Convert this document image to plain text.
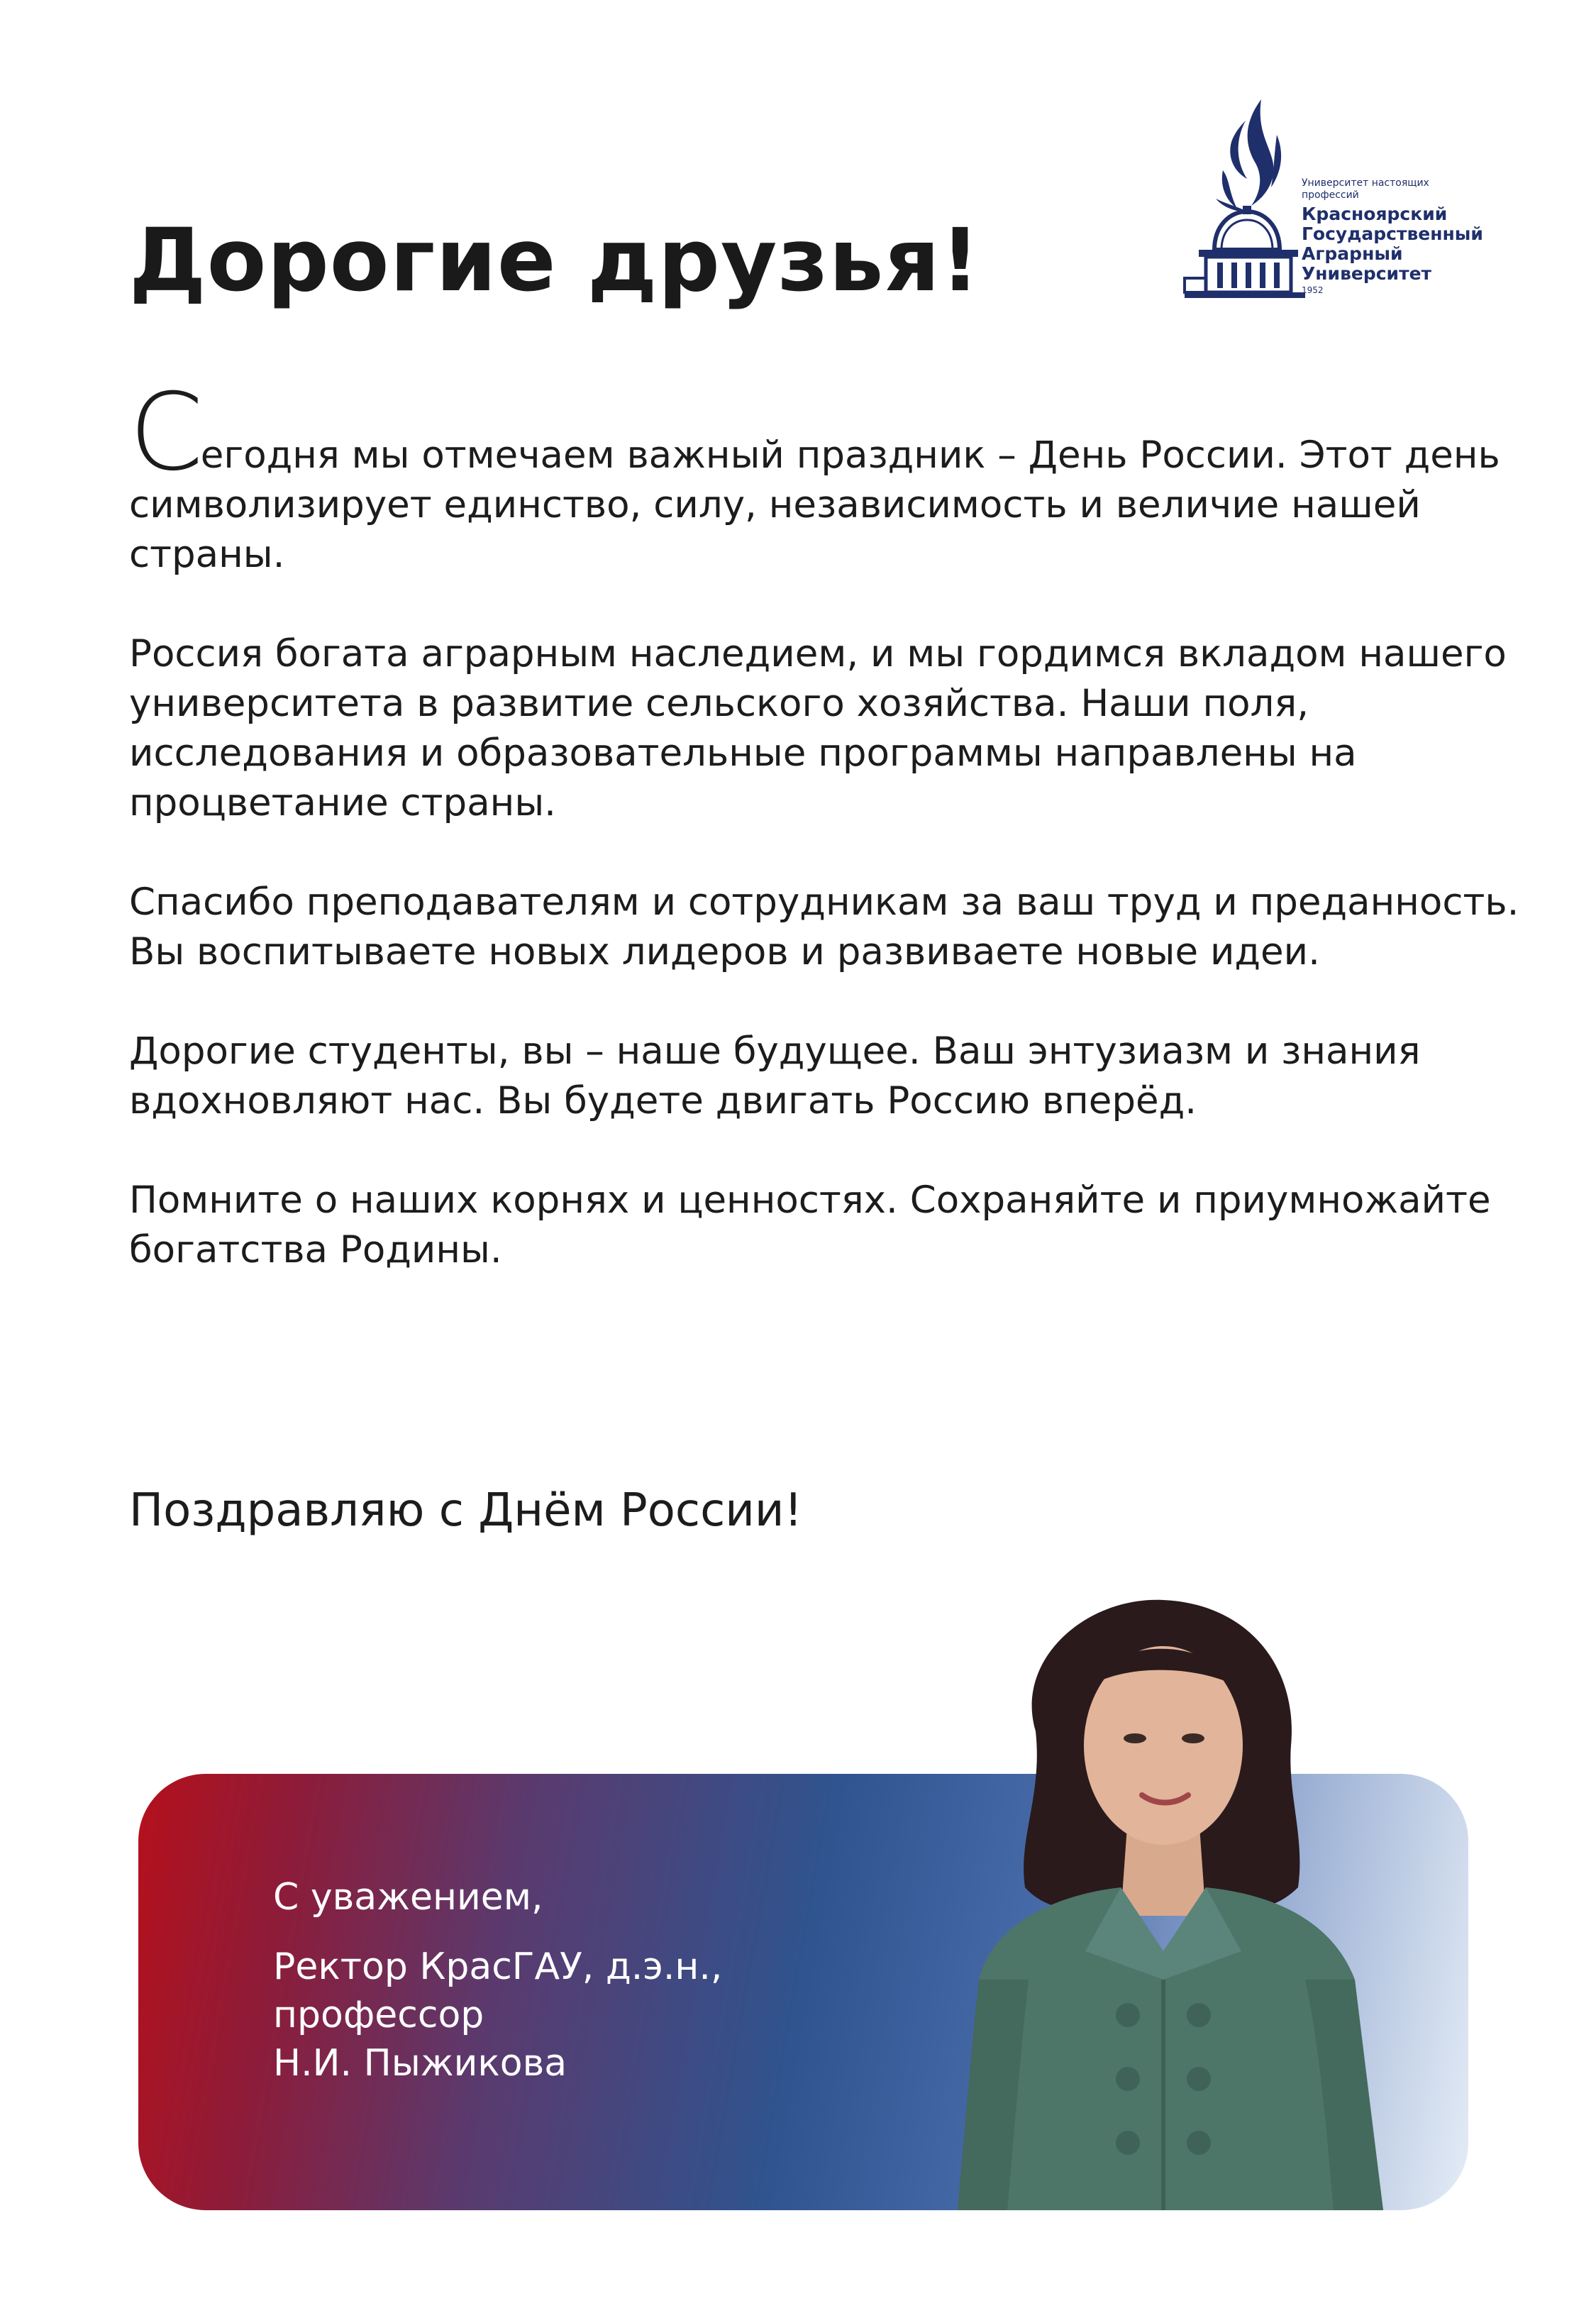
Дорогие друзья!
Университет настоящих профессий
Красноярский
Государственный
Аграрный
Университет
1952

Сегодня мы отмечаем важный праздник – День России. Этот день символизирует единство, силу, независимость и величие нашей страны.

Россия богата аграрным наследием, и мы гордимся вкладом нашего университета в развитие сельского хозяйства. Наши поля, исследования и образовательные программы направлены на процветание страны.

Спасибо преподавателям и сотрудникам за ваш труд и преданность. Вы воспитываете новых лидеров и развиваете новые идеи.

Дорогие студенты, вы – наше будущее. Ваш энтузиазм и знания вдохновляют нас. Вы будете двигать Россию вперёд.

Помните о наших корнях и ценностях. Сохраняйте и приумножайте богатства Родины.

Поздравляю с Днём России!

С уважением,

Ректор КрасГАУ, д.э.н.,
профессор
Н.И. Пыжикова
